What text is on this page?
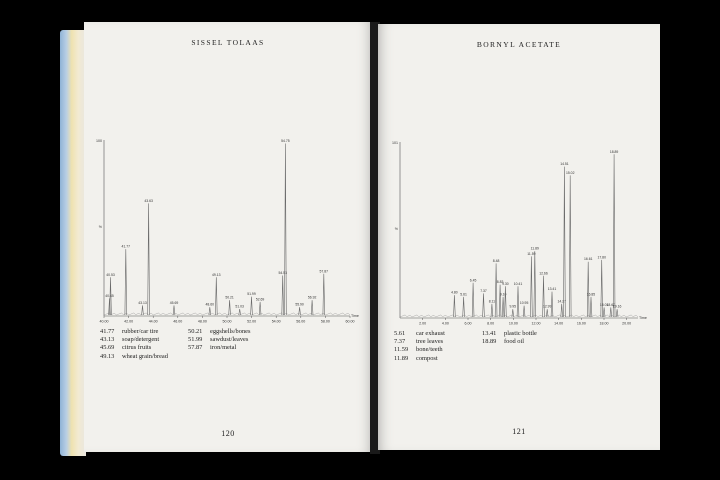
SISSEL TOLAAS
100
%
40.00	42.00	44.00	46.00	48.00	50.00	52.00	54.00	56.00	58.00	60.00
Time
40.53
40.45
41.77
43.13
43.63
45.69	48.60
49.13
50.21
51.03
51.99
52.69
54.53
54.75
55.90
56.92
57.87
41.77 rubber/car tire
43.13 soap/detergent
45.69 citrus fruits
49.13 wheat grain/bread
50.21 eggshells/bones
51.99 sawdust/leaves
57.87 iron/metal
120
BORNYL ACETATE
101
%
2.00	4.00	6.00	8.00	10.00	12.00	14.00	16.00	18.00	20.00
Time
4.80 5.61
6.45
7.37
8.11
8.48
8.83
9.10
9.30
9.95
10.41
10.95
11.59
11.89
12.66
12.99
13.41
14.27
14.51
15.02
16.61
16.85
17.80
18.01
18.60
18.89
19.16
5.61 car exhaust
7.37 tree leaves
11.59 bone/teeth
11.89 compost
13.41 plastic bottle
18.89 food oil
121
